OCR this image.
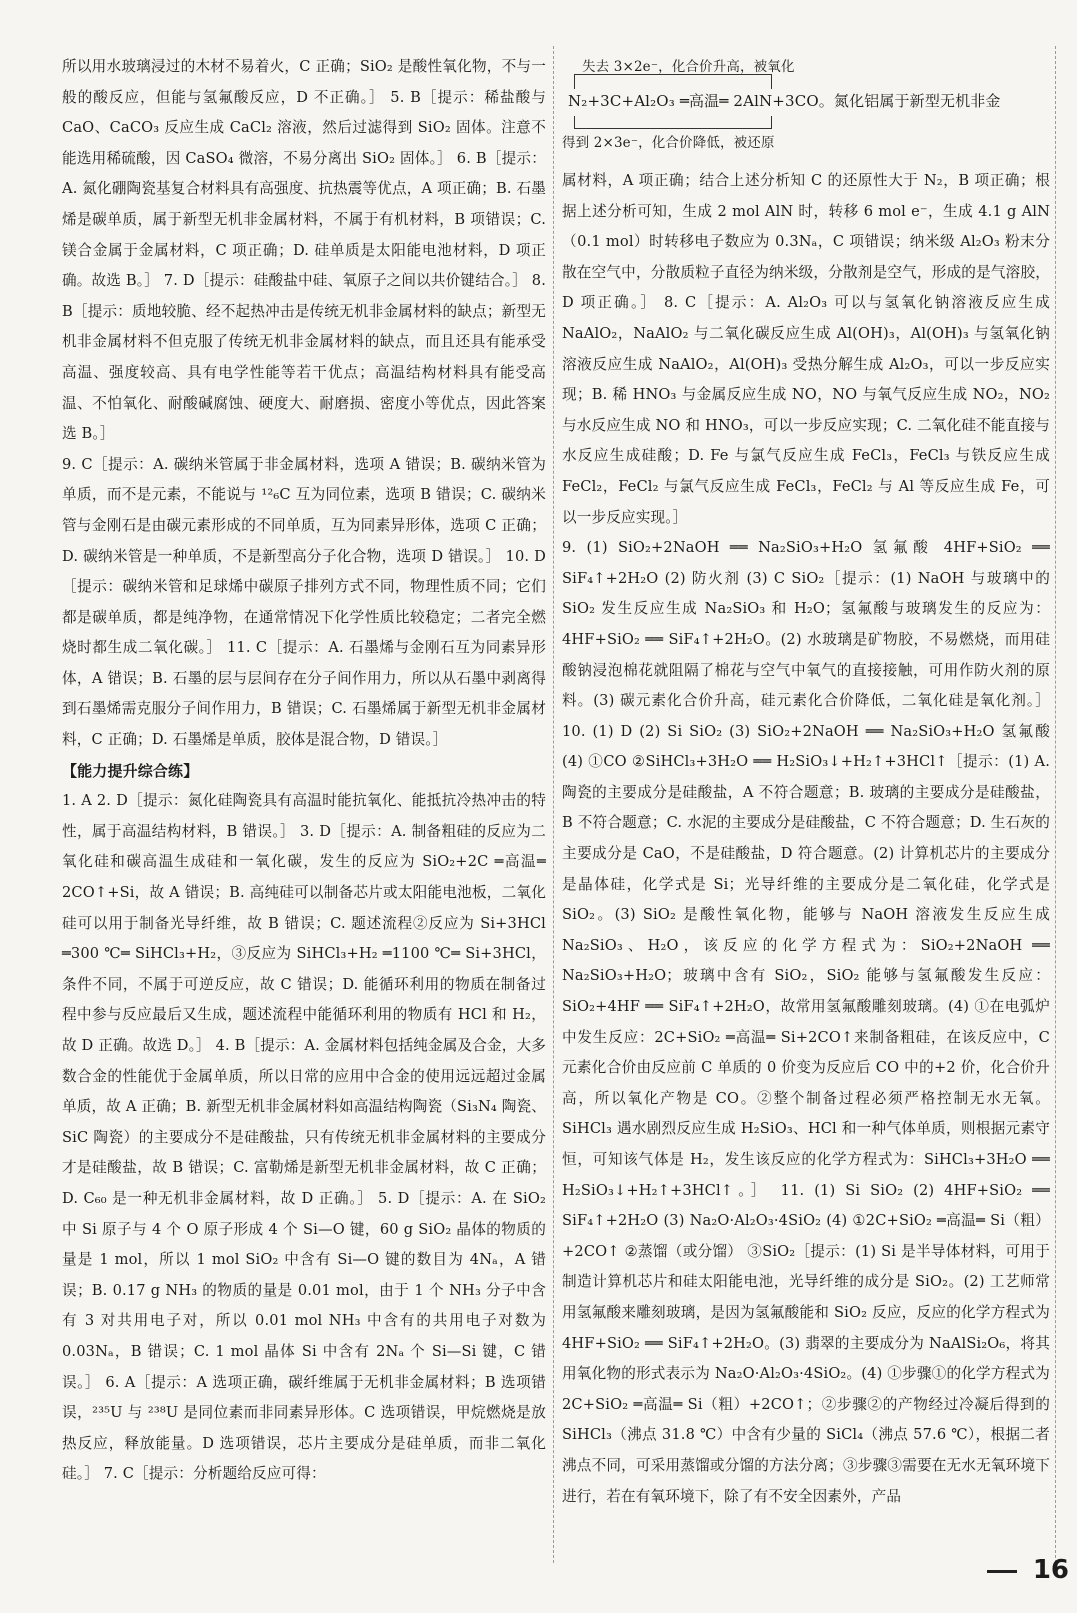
所以用水玻璃浸过的木材不易着火，C 正确；SiO₂ 是酸性氧化物，不与一般的酸反应，但能与氢氟酸反应，D 不正确。］ 5. B［提示：稀盐酸与 CaO、CaCO₃ 反应生成 CaCl₂ 溶液，然后过滤得到 SiO₂ 固体。注意不能选用稀硫酸，因 CaSO₄ 微溶，不易分离出 SiO₂ 固体。］ 6. B［提示：A. 氮化硼陶瓷基复合材料具有高强度、抗热震等优点，A 项正确；B. 石墨烯是碳单质，属于新型无机非金属材料，不属于有机材料，B 项错误；C. 镁合金属于金属材料，C 项正确；D. 硅单质是太阳能电池材料，D 项正确。故选 B。］ 7. D［提示：硅酸盐中硅、氧原子之间以共价键结合。］ 8. B［提示：质地较脆、经不起热冲击是传统无机非金属材料的缺点；新型无机非金属材料不但克服了传统无机非金属材料的缺点，而且还具有能承受高温、强度较高、具有电学性能等若干优点；高温结构材料具有能受高温、不怕氧化、耐酸碱腐蚀、硬度大、耐磨损、密度小等优点，因此答案选 B。］

9. C［提示：A. 碳纳米管属于非金属材料，选项 A 错误；B. 碳纳米管为单质，而不是元素，不能说与 ¹²₆C 互为同位素，选项 B 错误；C. 碳纳米管与金刚石是由碳元素形成的不同单质，互为同素异形体，选项 C 正确；D. 碳纳米管是一种单质，不是新型高分子化合物，选项 D 错误。］ 10. D［提示：碳纳米管和足球烯中碳原子排列方式不同，物理性质不同；它们都是碳单质，都是纯净物，在通常情况下化学性质比较稳定；二者完全燃烧时都生成二氧化碳。］ 11. C［提示：A. 石墨烯与金刚石互为同素异形体，A 错误；B. 石墨的层与层间存在分子间作用力，所以从石墨中剥离得到石墨烯需克服分子间作用力，B 错误；C. 石墨烯属于新型无机非金属材料，C 正确；D. 石墨烯是单质，胶体是混合物，D 错误。］

【能力提升综合练】

1. A 2. D［提示：氮化硅陶瓷具有高温时能抗氧化、能抵抗冷热冲击的特性，属于高温结构材料，B 错误。］ 3. D［提示：A. 制备粗硅的反应为二氧化硅和碳高温生成硅和一氧化碳，发生的反应为 SiO₂+2C ═高温═ 2CO↑+Si，故 A 错误；B. 高纯硅可以制备芯片或太阳能电池板，二氧化硅可以用于制备光导纤维，故 B 错误；C. 题述流程②反应为 Si+3HCl ═300 ℃═ SiHCl₃+H₂，③反应为 SiHCl₃+H₂ ═1100 ℃═ Si+3HCl，条件不同，不属于可逆反应，故 C 错误；D. 能循环利用的物质在制备过程中参与反应最后又生成，题述流程中能循环利用的物质有 HCl 和 H₂，故 D 正确。故选 D。］ 4. B［提示：A. 金属材料包括纯金属及合金，大多数合金的性能优于金属单质，所以日常的应用中合金的使用远远超过金属单质，故 A 正确；B. 新型无机非金属材料如高温结构陶瓷（Si₃N₄ 陶瓷、SiC 陶瓷）的主要成分不是硅酸盐，只有传统无机非金属材料的主要成分才是硅酸盐，故 B 错误；C. 富勒烯是新型无机非金属材料，故 C 正确；D. C₆₀ 是一种无机非金属材料，故 D 正确。］ 5. D［提示：A. 在 SiO₂ 中 Si 原子与 4 个 O 原子形成 4 个 Si—O 键，60 g SiO₂ 晶体的物质的量是 1 mol，所以 1 mol SiO₂ 中含有 Si—O 键的数目为 4Nₐ，A 错误；B. 0.17 g NH₃ 的物质的量是 0.01 mol，由于 1 个 NH₃ 分子中含有 3 对共用电子对，所以 0.01 mol NH₃ 中含有的共用电子对数为 0.03Nₐ，B 错误；C. 1 mol 晶体 Si 中含有 2Nₐ 个 Si—Si 键，C 错误。］ 6. A［提示：A 选项正确，碳纤维属于无机非金属材料；B 选项错误，²³⁵U 与 ²³⁸U 是同位素而非同素异形体。C 选项错误，甲烷燃烧是放热反应，释放能量。D 选项错误，芯片主要成分是硅单质，而非二氧化硅。］ 7. C［提示：分析题给反应可得：

失去 3×2e⁻，化合价升高，被氧化
N₂+3C+Al₂O₃ ═高温═ 2AlN+3CO。氮化铝属于新型无机非金
得到 2×3e⁻，化合价降低，被还原

属材料，A 项正确；结合上述分析知 C 的还原性大于 N₂，B 项正确；根据上述分析可知，生成 2 mol AlN 时，转移 6 mol e⁻，生成 4.1 g AlN（0.1 mol）时转移电子数应为 0.3Nₐ，C 项错误；纳米级 Al₂O₃ 粉末分散在空气中，分散质粒子直径为纳米级，分散剂是空气，形成的是气溶胶，D 项正确。］ 8. C［提示：A. Al₂O₃ 可以与氢氧化钠溶液反应生成 NaAlO₂，NaAlO₂ 与二氧化碳反应生成 Al(OH)₃，Al(OH)₃ 与氢氧化钠溶液反应生成 NaAlO₂，Al(OH)₃ 受热分解生成 Al₂O₃，可以一步反应实现；B. 稀 HNO₃ 与金属反应生成 NO，NO 与氧气反应生成 NO₂，NO₂ 与水反应生成 NO 和 HNO₃，可以一步反应实现；C. 二氧化硅不能直接与水反应生成硅酸；D. Fe 与氯气反应生成 FeCl₃，FeCl₃ 与铁反应生成 FeCl₂，FeCl₂ 与氯气反应生成 FeCl₃，FeCl₂ 与 Al 等反应生成 Fe，可以一步反应实现。］

9. (1) SiO₂+2NaOH ══ Na₂SiO₃+H₂O 氢氟酸 4HF+SiO₂ ══ SiF₄↑+2H₂O (2) 防火剂 (3) C SiO₂［提示：(1) NaOH 与玻璃中的 SiO₂ 发生反应生成 Na₂SiO₃ 和 H₂O；氢氟酸与玻璃发生的反应为：4HF+SiO₂ ══ SiF₄↑+2H₂O。(2) 水玻璃是矿物胶，不易燃烧，而用硅酸钠浸泡棉花就阻隔了棉花与空气中氧气的直接接触，可用作防火剂的原料。(3) 碳元素化合价升高，硅元素化合价降低，二氧化硅是氧化剂。］ 10. (1) D (2) Si SiO₂ (3) SiO₂+2NaOH ══ Na₂SiO₃+H₂O 氢氟酸 (4) ①CO ②SiHCl₃+3H₂O ══ H₂SiO₃↓+H₂↑+3HCl↑［提示：(1) A. 陶瓷的主要成分是硅酸盐，A 不符合题意；B. 玻璃的主要成分是硅酸盐，B 不符合题意；C. 水泥的主要成分是硅酸盐，C 不符合题意；D. 生石灰的主要成分是 CaO，不是硅酸盐，D 符合题意。(2) 计算机芯片的主要成分是晶体硅，化学式是 Si；光导纤维的主要成分是二氧化硅，化学式是 SiO₂。(3) SiO₂ 是酸性氧化物，能够与 NaOH 溶液发生反应生成 Na₂SiO₃、H₂O，该反应的化学方程式为：SiO₂+2NaOH ══ Na₂SiO₃+H₂O；玻璃中含有 SiO₂，SiO₂ 能够与氢氟酸发生反应：SiO₂+4HF ══ SiF₄↑+2H₂O，故常用氢氟酸雕刻玻璃。(4) ①在电弧炉中发生反应：2C+SiO₂ ═高温═ Si+2CO↑来制备粗硅，在该反应中，C 元素化合价由反应前 C 单质的 0 价变为反应后 CO 中的+2 价，化合价升高，所以氧化产物是 CO。②整个制备过程必须严格控制无水无氧。SiHCl₃ 遇水剧烈反应生成 H₂SiO₃、HCl 和一种气体单质，则根据元素守恒，可知该气体是 H₂，发生该反应的化学方程式为：SiHCl₃+3H₂O ══ H₂SiO₃↓+H₂↑+3HCl↑。］ 11. (1) Si SiO₂ (2) 4HF+SiO₂ ══ SiF₄↑+2H₂O (3) Na₂O·Al₂O₃·4SiO₂ (4) ①2C+SiO₂ ═高温═ Si（粗）+2CO↑ ②蒸馏（或分馏） ③SiO₂［提示：(1) Si 是半导体材料，可用于制造计算机芯片和硅太阳能电池，光导纤维的成分是 SiO₂。(2) 工艺师常用氢氟酸来雕刻玻璃，是因为氢氟酸能和 SiO₂ 反应，反应的化学方程式为 4HF+SiO₂ ══ SiF₄↑+2H₂O。(3) 翡翠的主要成分为 NaAlSi₂O₆，将其用氧化物的形式表示为 Na₂O·Al₂O₃·4SiO₂。(4) ①步骤①的化学方程式为 2C+SiO₂ ═高温═ Si（粗）+2CO↑；②步骤②的产物经过冷凝后得到的 SiHCl₃（沸点 31.8 ℃）中含有少量的 SiCl₄（沸点 57.6 ℃），根据二者沸点不同，可采用蒸馏或分馏的方法分离；③步骤③需要在无水无氧环境下进行，若在有氧环境下，除了有不安全因素外，产品

16
